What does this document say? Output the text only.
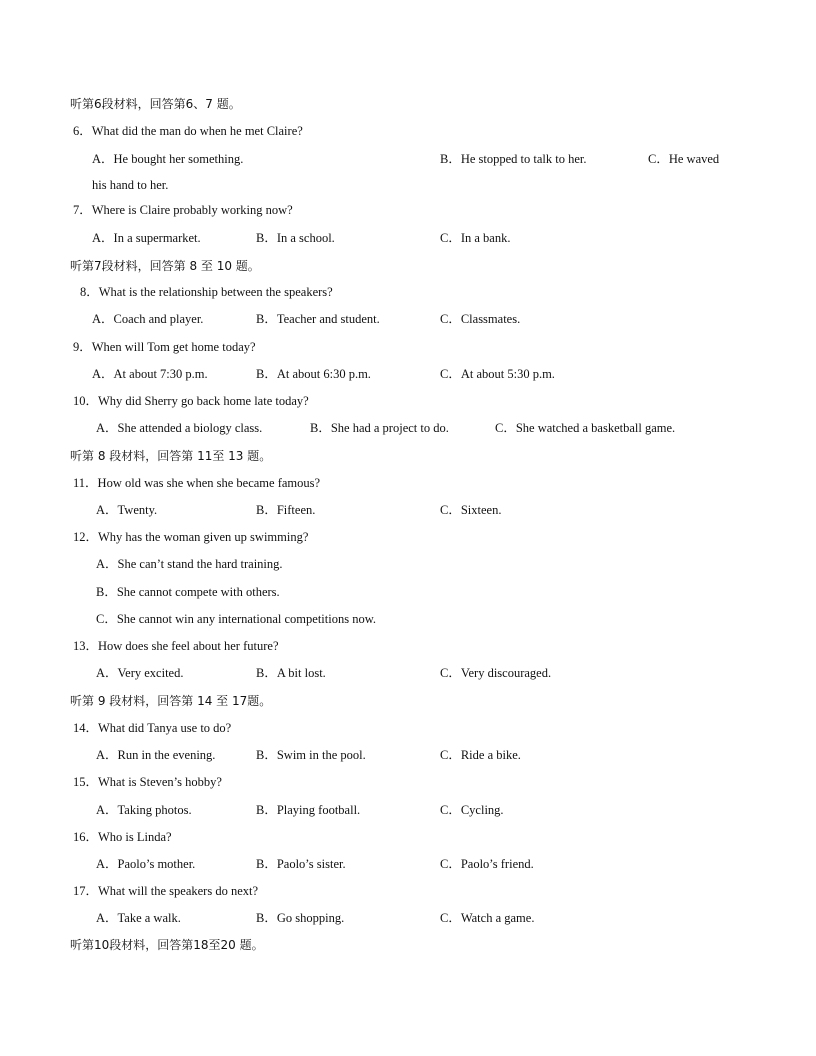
听第6段材料，回答第6、7 题。
6．What did the man do when he met Claire?
A．He bought her something.	B．He stopped to talk to her.	C．He waved
his hand to her.
7．Where is Claire probably working now?
A．In a supermarket.	B．In a school.	C．In a bank.
听第7段材料，回答第 8 至 10 题。
8．What is the relationship between the speakers?
A．Coach and player.	B．Teacher and student.	C．Classmates.
9．When will Tom get home today?
A．At about 7:30 p.m.	B．At about 6:30 p.m.	C．At about 5:30 p.m.
10．Why did Sherry go back home late today?
A．She attended a biology class.	B．She had a project to do.	C．She watched a basketball game.
听第 8 段材料，回答第 11至 13 题。
11．How old was she when she became famous?
A．Twenty.	B．Fifteen.	C．Sixteen.
12．Why has the woman given up swimming?
A．She can’t stand the hard training.
B．She cannot compete with others.
C．She cannot win any international competitions now.
13．How does she feel about her future?
A．Very excited.	B．A bit lost.	C．Very discouraged.
听第 9 段材料，回答第 14 至 17题。
14．What did Tanya use to do?
A．Run in the evening.	B．Swim in the pool.	C．Ride a bike.
15．What is Steven’s hobby?
A．Taking photos.	B．Playing football.	C．Cycling.
16．Who is Linda?
A．Paolo’s mother.	B．Paolo’s sister.	C．Paolo’s friend.
17．What will the speakers do next?
A．Take a walk.	B．Go shopping.	C．Watch a game.
听第10段材料，回答第18至20 题。
